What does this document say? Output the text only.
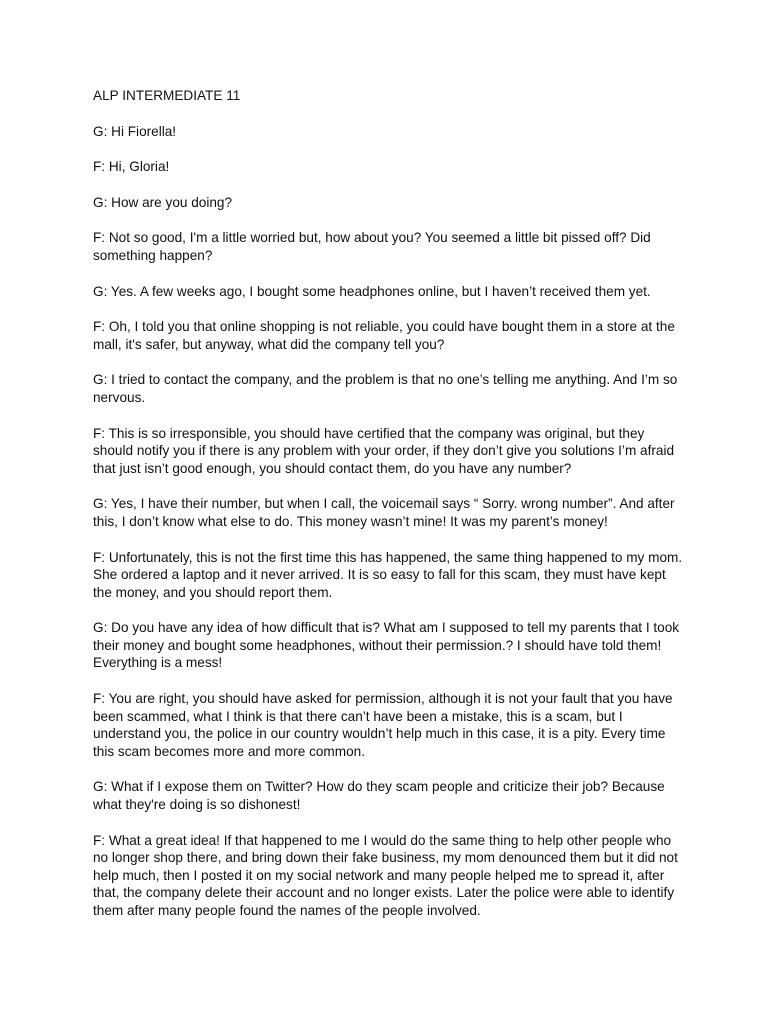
ALP INTERMEDIATE 11

G: Hi Fiorella!

F: Hi, Gloria!

G: How are you doing?

F: Not so good, I'm a little worried but, how about you? You seemed a little bit pissed off? Did something happen?

G: Yes. A few weeks ago, I bought some headphones online, but I haven’t received them yet.

F: Oh, I told you that online shopping is not reliable, you could have bought them in a store at the mall, it's safer, but anyway, what did the company tell you?

G: I tried to contact the company, and the problem is that no one’s telling me anything. And I’m so nervous.

F: This is so irresponsible, you should have certified that the company was original, but they should notify you if there is any problem with your order, if they don’t give you solutions I’m afraid that just isn’t good enough, you should contact them, do you have any number?

G: Yes, I have their number, but when I call, the voicemail says “ Sorry. wrong number”. And after this, I don’t know what else to do. This money wasn’t mine! It was my parent’s money!

F: Unfortunately, this is not the first time this has happened, the same thing happened to my mom. She ordered a laptop and it never arrived. It is so easy to fall for this scam, they must have kept the money, and you should report them.

G: Do you have any idea of how difficult that is? What am I supposed to tell my parents that I took their money and bought some headphones, without their permission.? I should have told them! Everything is a mess!

F: You are right, you should have asked for permission, although it is not your fault that you have been scammed, what I think is that there can’t have been a mistake, this is a scam, but I understand you, the police in our country wouldn’t help much in this case, it is a pity. Every time this scam becomes more and more common.

G: What if I expose them on Twitter? How do they scam people and criticize their job? Because what they're doing is so dishonest!

F: What a great idea! If that happened to me I would do the same thing to help other people who no longer shop there, and bring down their fake business, my mom denounced them but it did not help much, then I posted it on my social network and many people helped me to spread it, after that, the company delete their account and no longer exists. Later the police were able to identify them after many people found the names of the people involved.
